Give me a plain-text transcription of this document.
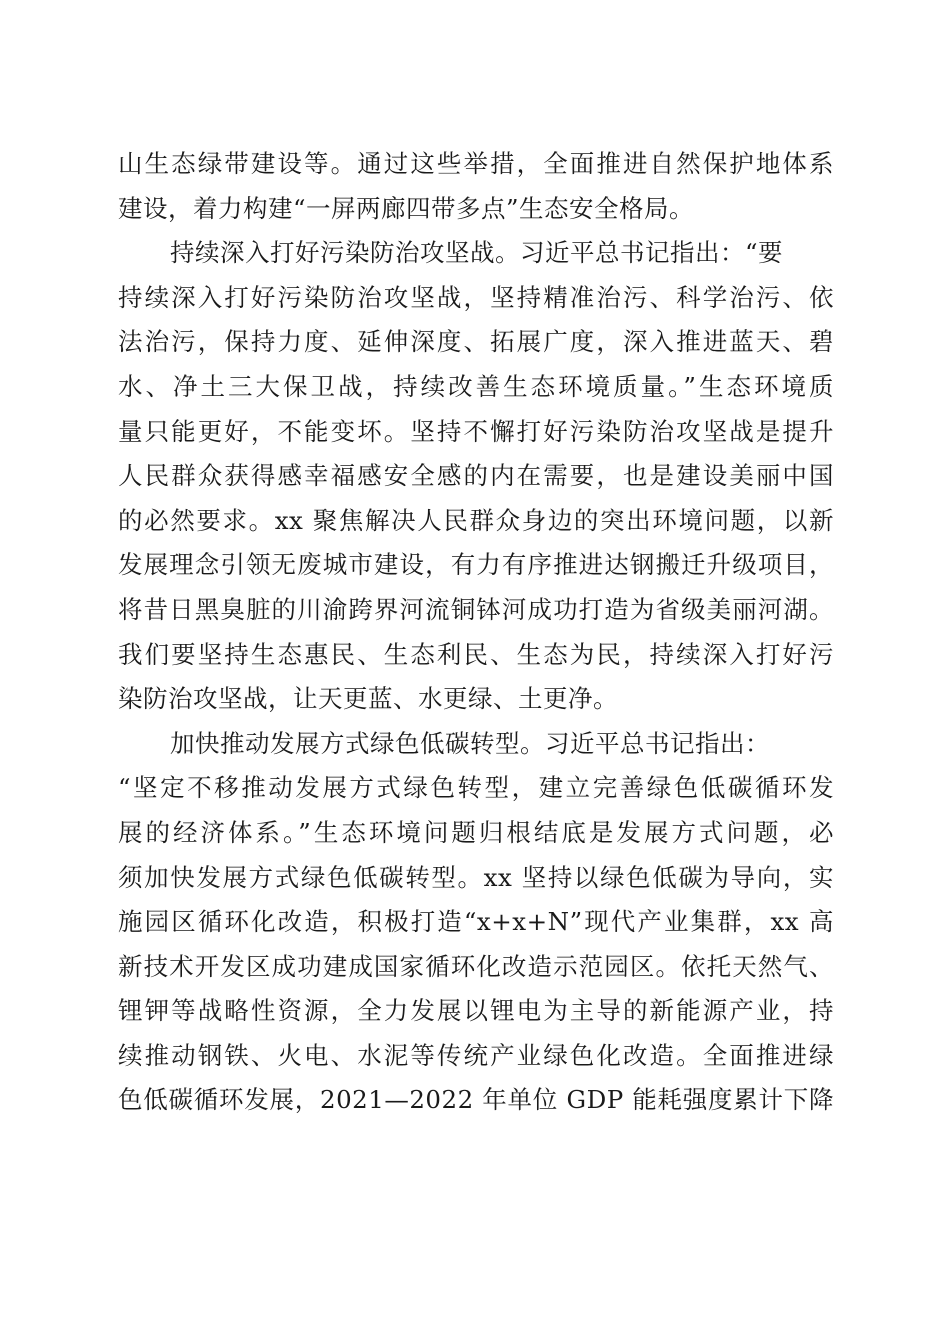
山生态绿带建设等。通过这些举措，全面推进自然保护地体系
建设，着力构建“一屏两廊四带多点”生态安全格局。
持续深入打好污染防治攻坚战。习近平总书记指出：“要
持续深入打好污染防治攻坚战，坚持精准治污、科学治污、依
法治污，保持力度、延伸深度、拓展广度，深入推进蓝天、碧
水、净土三大保卫战，持续改善生态环境质量。”生态环境质
量只能更好，不能变坏。坚持不懈打好污染防治攻坚战是提升
人民群众获得感幸福感安全感的内在需要，也是建设美丽中国
的必然要求。xx 聚焦解决人民群众身边的突出环境问题，以新
发展理念引领无废城市建设，有力有序推进达钢搬迁升级项目，
将昔日黑臭脏的川渝跨界河流铜钵河成功打造为省级美丽河湖。
我们要坚持生态惠民、生态利民、生态为民，持续深入打好污
染防治攻坚战，让天更蓝、水更绿、土更净。
加快推动发展方式绿色低碳转型。习近平总书记指出：
“坚定不移推动发展方式绿色转型，建立完善绿色低碳循环发
展的经济体系。”生态环境问题归根结底是发展方式问题，必
须加快发展方式绿色低碳转型。xx 坚持以绿色低碳为导向，实
施园区循环化改造，积极打造“x+x+N”现代产业集群，xx 高
新技术开发区成功建成国家循环化改造示范园区。依托天然气、
锂钾等战略性资源，全力发展以锂电为主导的新能源产业，持
续推动钢铁、火电、水泥等传统产业绿色化改造。全面推进绿
色低碳循环发展，2021—2022 年单位 GDP 能耗强度累计下降
